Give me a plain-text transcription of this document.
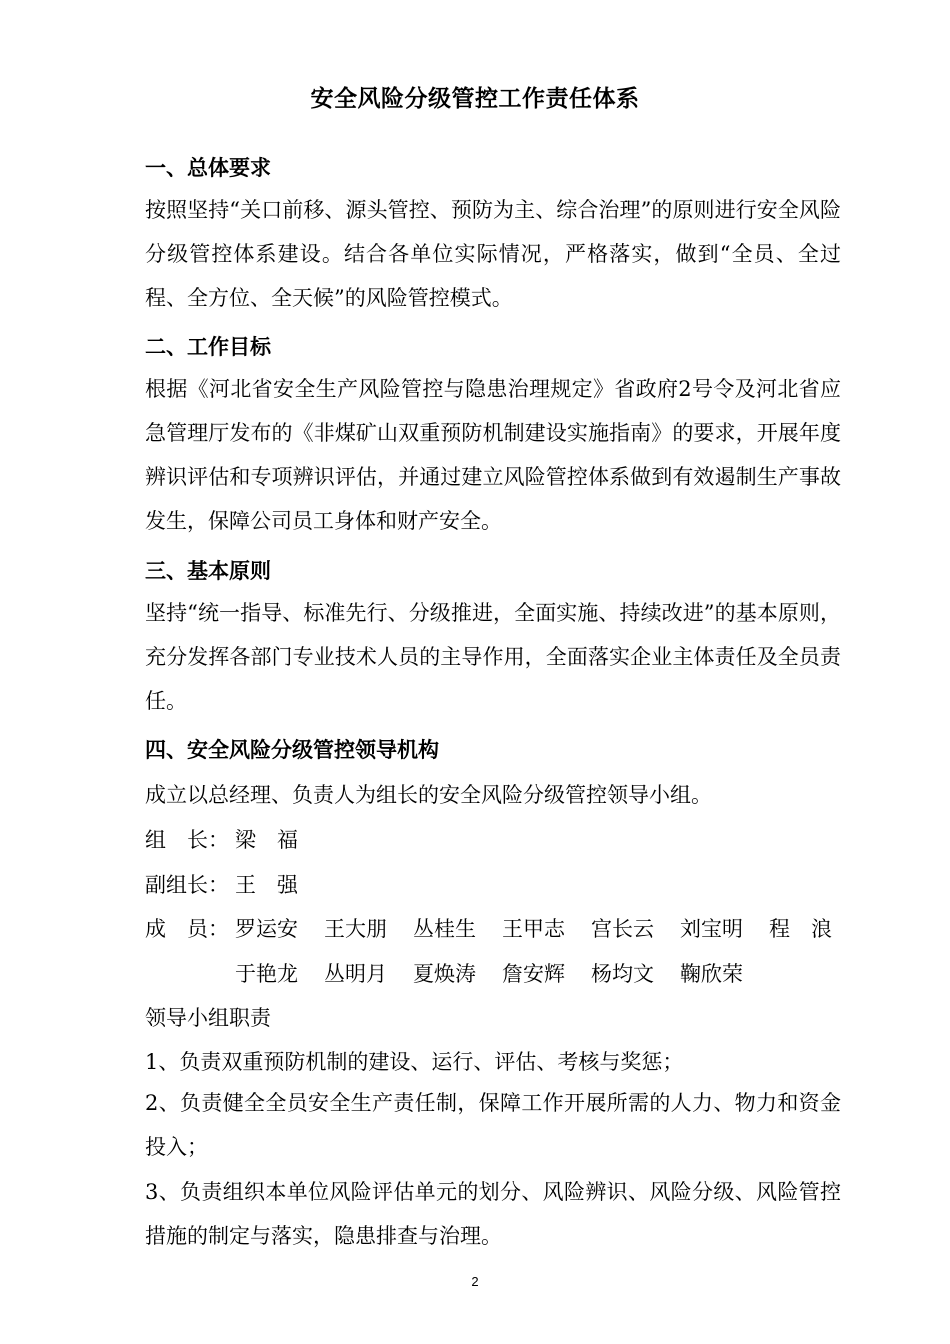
安全风险分级管控工作责任体系
一、总体要求
按照坚持“关口前移、源头管控、预防为主、综合治理”的原则进行安全风险分级管控体系建设。结合各单位实际情况，严格落实，做到“全员、全过程、全方位、全天候”的风险管控模式。
二、工作目标
根据《河北省安全生产风险管控与隐患治理规定》省政府2号令及河北省应急管理厅发布的《非煤矿山双重预防机制建设实施指南》的要求，开展年度辨识评估和专项辨识评估，并通过建立风险管控体系做到有效遏制生产事故发生，保障公司员工身体和财产安全。
三、基本原则
坚持“统一指导、标准先行、分级推进，全面实施、持续改进”的基本原则，充分发挥各部门专业技术人员的主导作用，全面落实企业主体责任及全员责任。
四、安全风险分级管控领导机构
成立以总经理、负责人为组长的安全风险分级管控领导小组。
组　长： 梁　福
副组长： 王　强
成　员： 罗运安 王大朋 丛桂生 王甲志 宫长云 刘宝明 程　浪
于艳龙 丛明月 夏焕涛 詹安辉 杨均文 鞠欣荣
领导小组职责
1、负责双重预防机制的建设、运行、评估、考核与奖惩；
2、负责健全全员安全生产责任制，保障工作开展所需的人力、物力和资金投入；
3、负责组织本单位风险评估单元的划分、风险辨识、风险分级、风险管控措施的制定与落实，隐患排查与治理。
2
